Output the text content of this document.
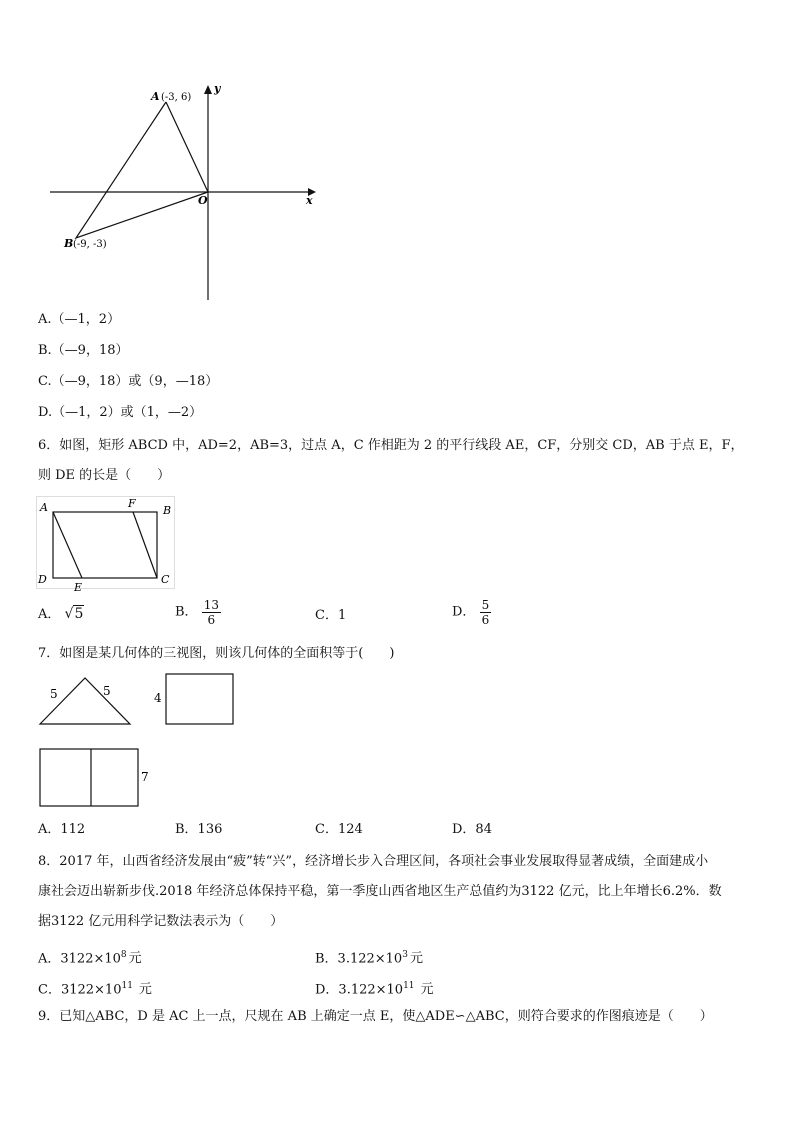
y
x
O
A (-3, 6)
B (-9, -3)
A.（—1，2）
B.（—9，18）
C.（—9，18）或（9，—18）
D.（—1，2）或（1，—2）
6．如图，矩形 ABCD 中，AD=2，AB=3，过点 A，C 作相距为 2 的平行线段 AE，CF，分别交 CD，AB 于点 E，F，
则 DE 的长是（　　）
A	F
B
D
E
C
A． √5	B． $\frac{13}{6}$	C．1	D． $\frac{5}{6}$
7．如图是某几何体的三视图，则该几何体的全面积等于(　　)
5	5	4
7
A．112	B．136	C．124	D．84
8．2017 年，山西省经济发展由“疲”转“兴”，经济增长步入合理区间，各项社会事业发展取得显著成绩，全面建成小
康社会迈出崭新步伐.2018 年经济总体保持平稳，第一季度山西省地区生产总值约为3122 亿元，比上年增长6.2%．数
据3122 亿元用科学记数法表示为（　　）
A．$3122\times 10^8$ 元	B．$3.122\times 10^3$ 元
C．$3122\times 10^{11}$ 元	D．$3.122\times 10^{11}$ 元
9．已知△ABC，D 是 AC 上一点，尺规在 AB 上确定一点 E，使△ADE∽△ABC，则符合要求的作图痕迹是（　　）
